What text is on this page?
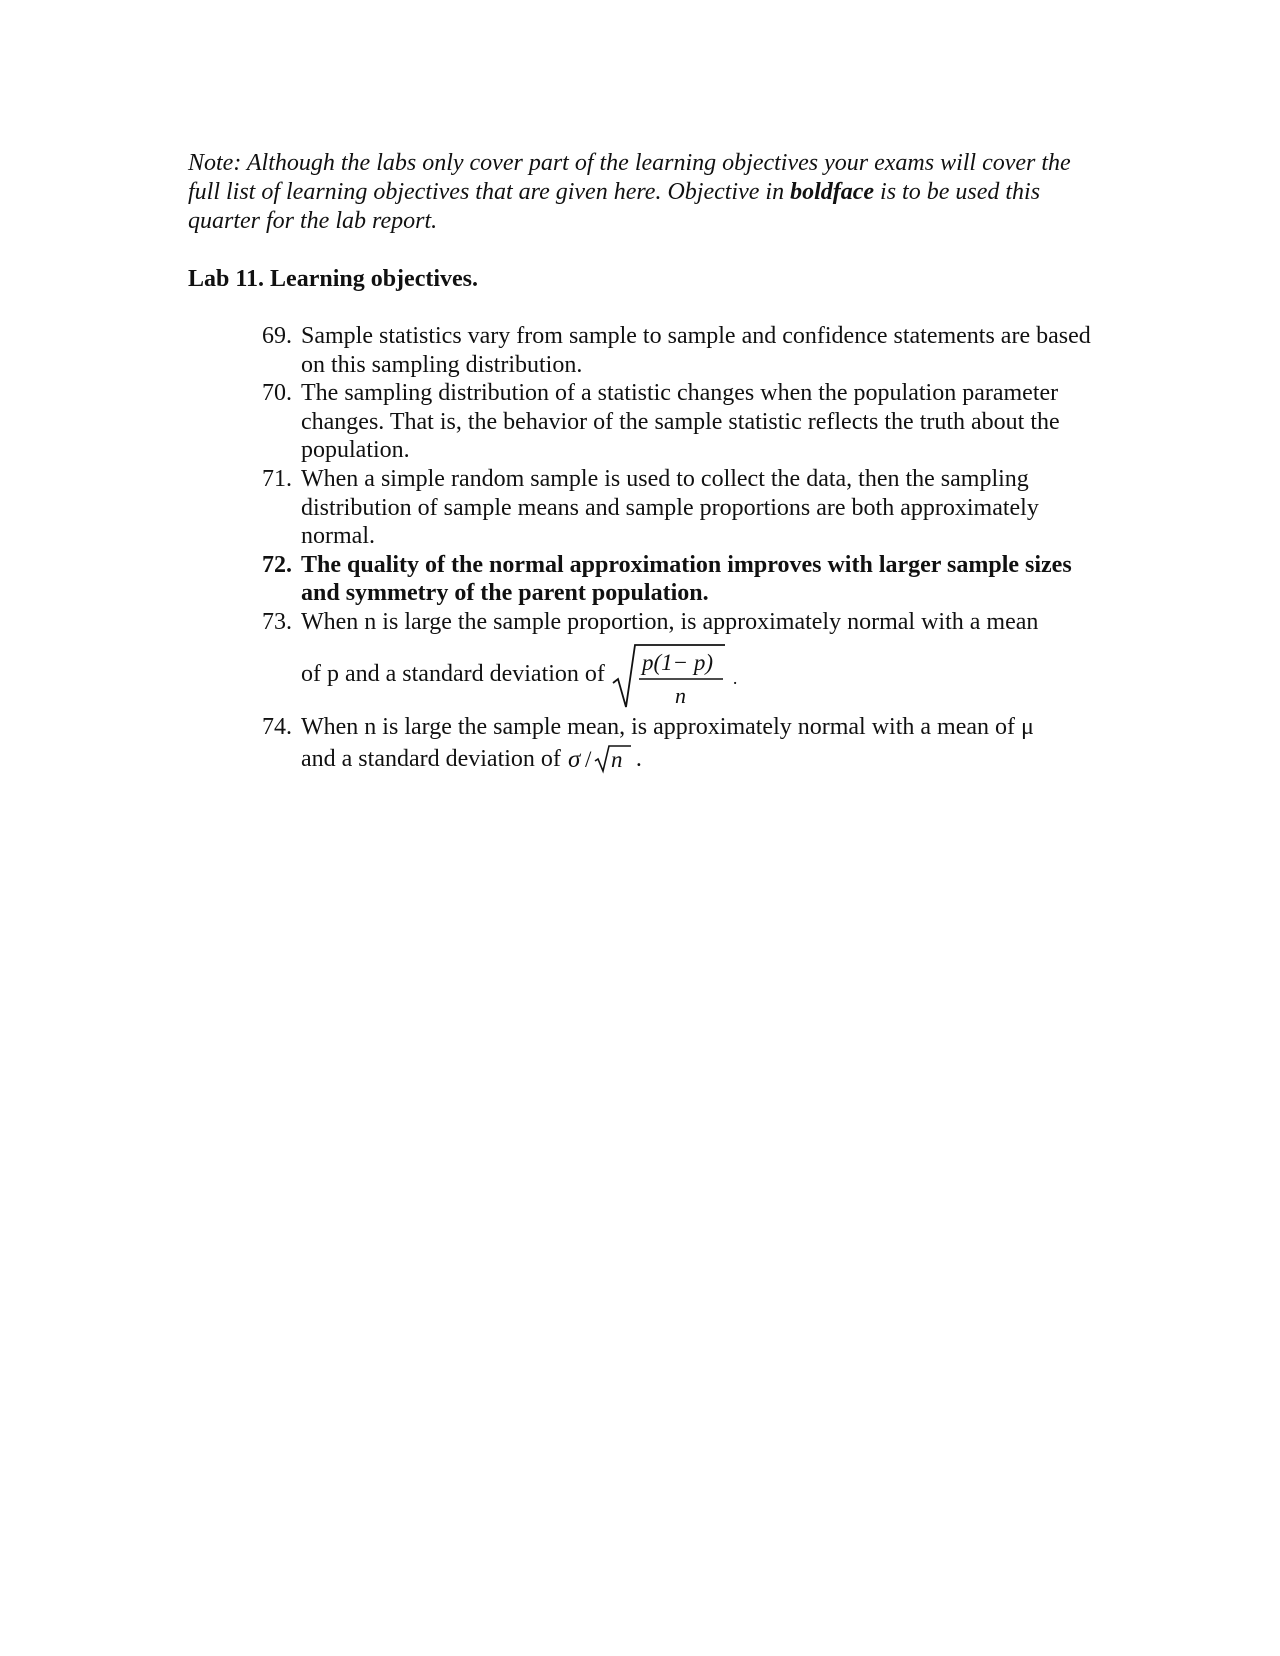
Note: Although the labs only cover part of the learning objectives your exams will cover the full list of learning objectives that are given here. Objective in boldface is to be used this quarter for the lab report.
Lab 11. Learning objectives.
69. Sample statistics vary from sample to sample and confidence statements are based on this sampling distribution.
70. The sampling distribution of a statistic changes when the population parameter changes. That is, the behavior of the sample statistic reflects the truth about the population.
71. When a simple random sample is used to collect the data, then the sampling distribution of sample means and sample proportions are both approximately normal.
72. The quality of the normal approximation improves with larger sample sizes and symmetry of the parent population.
73. When n is large the sample proportion, is approximately normal with a mean
of p and a standard deviation of p(1− p)
n
.
74. When n is large the sample mean, is approximately normal with a mean of μ
and a standard deviation of σ / n .
